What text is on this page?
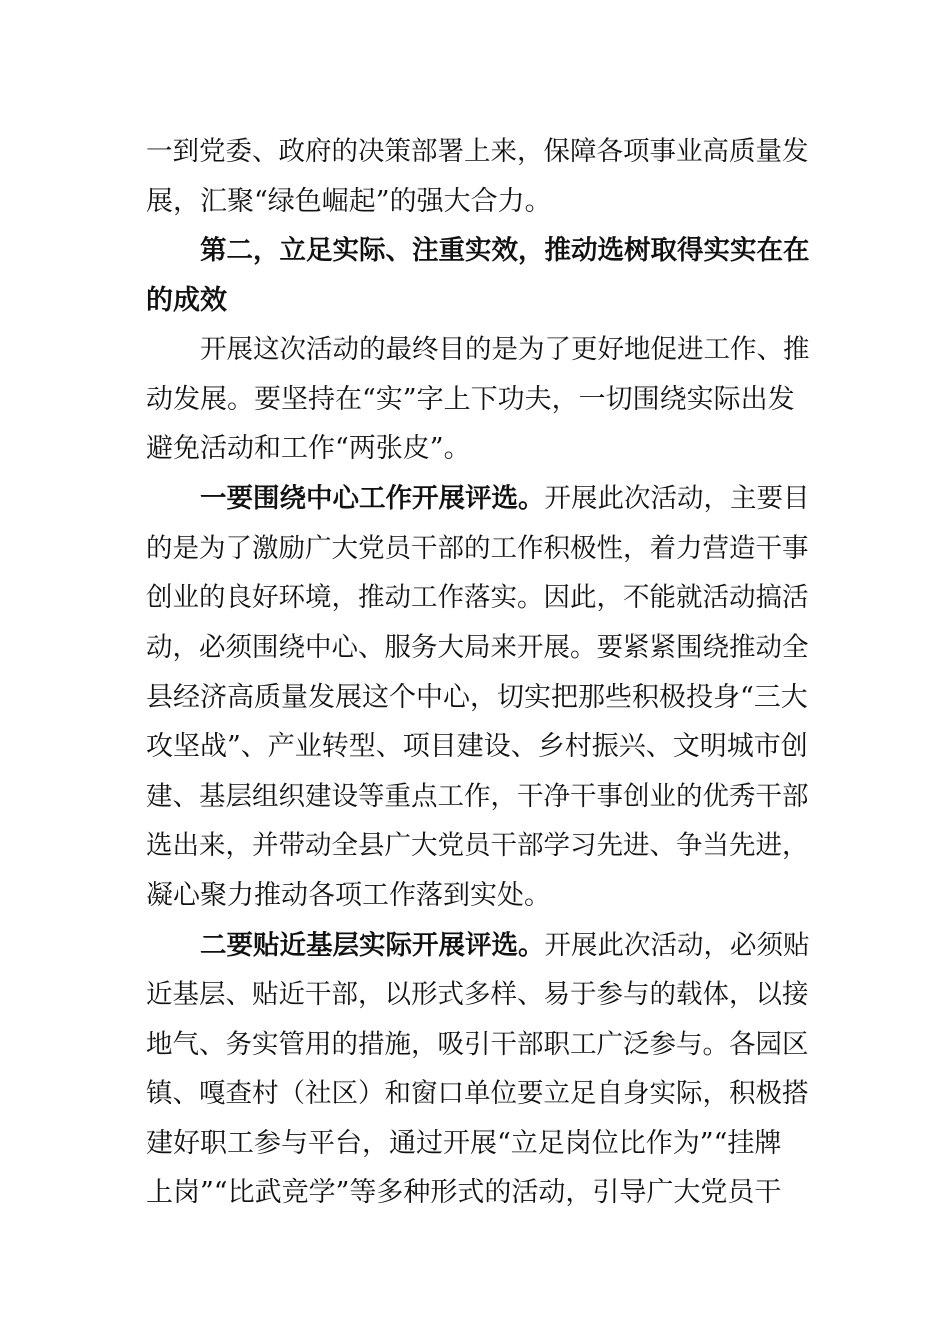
一到党委、政府的决策部署上来，保障各项事业高质量发

展，汇聚“绿色崛起”的强大合力。

第二，立足实际、注重实效，推动选树取得实实在在

的成效

开展这次活动的最终目的是为了更好地促进工作、推

动发展。要坚持在“实”字上下功夫，一切围绕实际出发

避免活动和工作“两张皮”。

一要围绕中心工作开展评选。开展此次活动，主要目

的是为了激励广大党员干部的工作积极性，着力营造干事

创业的良好环境，推动工作落实。因此，不能就活动搞活

动，必须围绕中心、服务大局来开展。要紧紧围绕推动全

县经济高质量发展这个中心，切实把那些积极投身“三大

攻坚战”、产业转型、项目建设、乡村振兴、文明城市创

建、基层组织建设等重点工作，干净干事创业的优秀干部

选出来，并带动全县广大党员干部学习先进、争当先进，

凝心聚力推动各项工作落到实处。

二要贴近基层实际开展评选。开展此次活动，必须贴

近基层、贴近干部，以形式多样、易于参与的载体，以接

地气、务实管用的措施，吸引干部职工广泛参与。各园区

镇、嘎查村（社区）和窗口单位要立足自身实际，积极搭

建好职工参与平台，通过开展“立足岗位比作为”“挂牌

上岗”“比武竞学”等多种形式的活动，引导广大党员干
